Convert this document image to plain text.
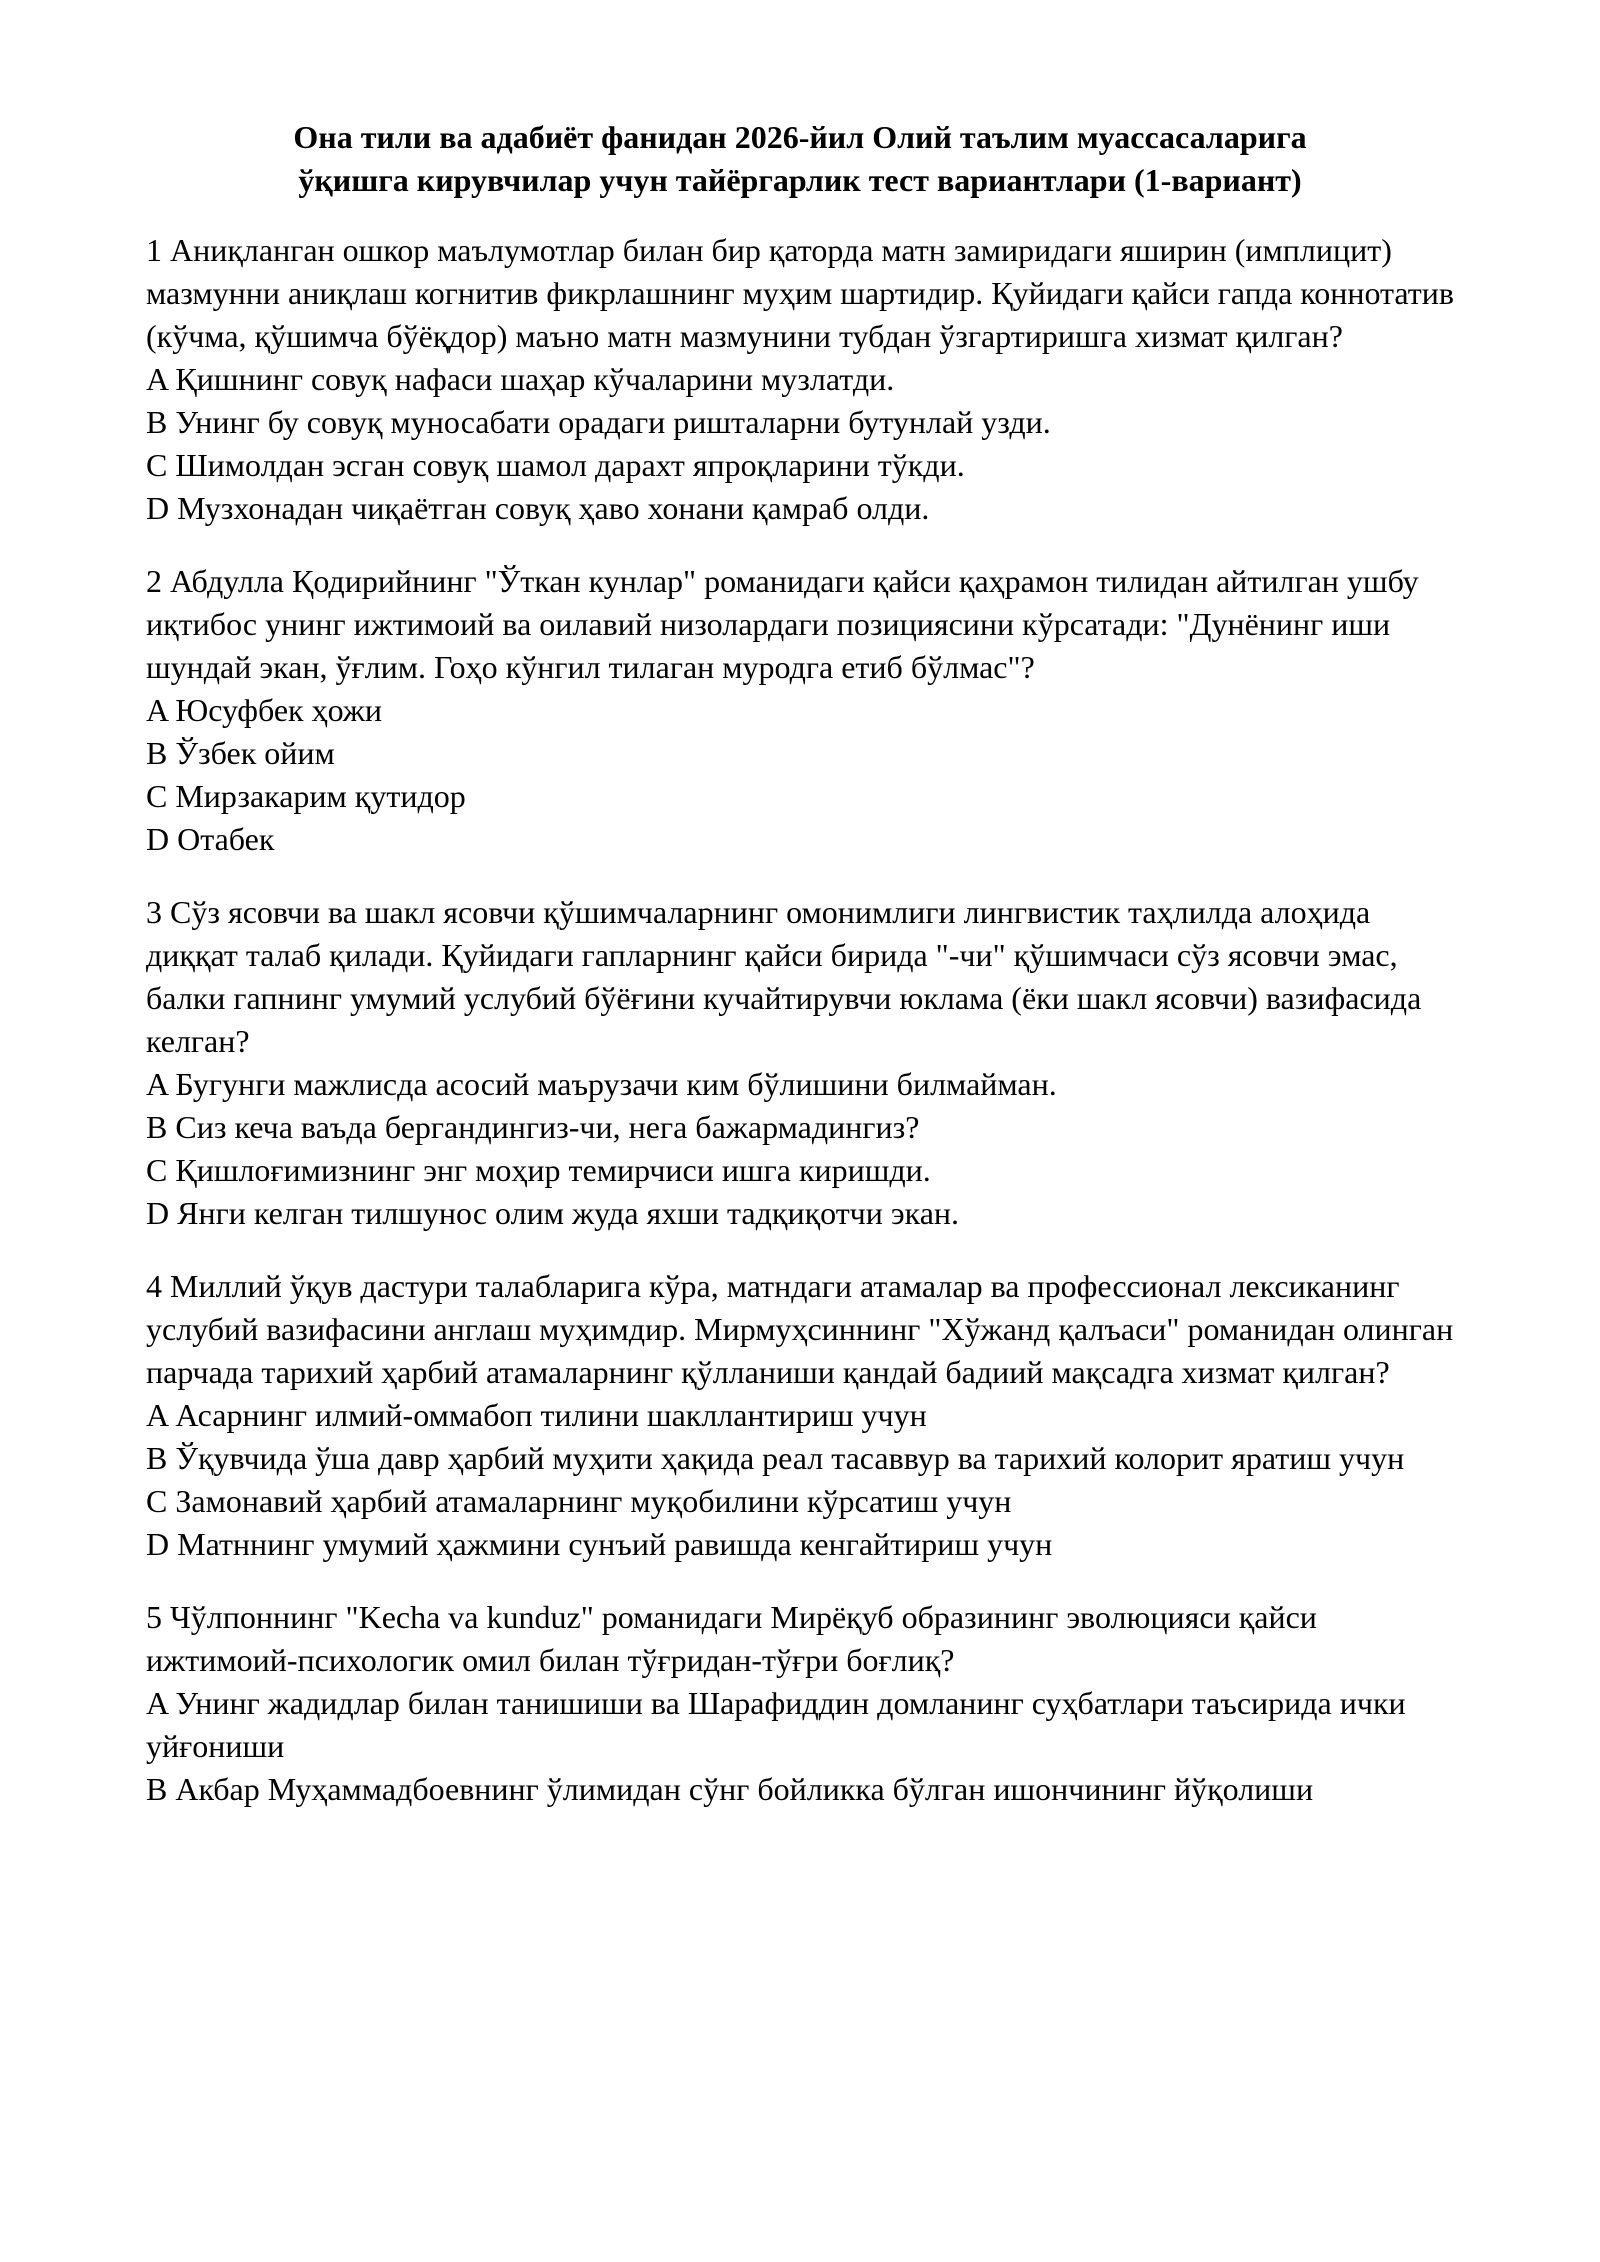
Она тили ва адабиёт фанидан 2026-йил Олий таълим муассасаларига
ўқишга кирувчилар учун тайёргарлик тест вариантлари (1-вариант)
1 Аниқланган ошкор маълумотлар билан бир қаторда матн замиридаги яширин (имплицит) мазмунни аниқлаш когнитив фикрлашнинг муҳим шартидир. Қуйидаги қайси гапда коннотатив (кўчма, қўшимча бўёқдор) маъно матн мазмунини тубдан ўзгартиришга хизмат қилган?
A Қишнинг совуқ нафаси шаҳар кўчаларини музлатди.
B Унинг бу совуқ муносабати орадаги ришталарни бутунлай узди.
C Шимолдан эсган совуқ шамол дарахт япроқларини тўкди.
D Музхонадан чиқаётган совуқ ҳаво хонани қамраб олди.
2 Абдулла Қодирийнинг "Ўткан кунлар" романидаги қайси қаҳрамон тилидан айтилган ушбу иқтибос унинг ижтимоий ва оилавий низолардаги позициясини кўрсатади: "Дунёнинг иши шундай экан, ўғлим. Гоҳо кўнгил тилаган муродга етиб бўлмас"?
A Юсуфбек ҳожи
B Ўзбек ойим
C Мирзакарим қутидор
D Отабек
3 Сўз ясовчи ва шакл ясовчи қўшимчаларнинг омонимлиги лингвистик таҳлилда алоҳида диққат талаб қилади. Қуйидаги гапларнинг қайси бирида "-чи" қўшимчаси сўз ясовчи эмас, балки гапнинг умумий услубий бўёғини кучайтирувчи юклама (ёки шакл ясовчи) вазифасида келган?
A Бугунги мажлисда асосий маърузачи ким бўлишини билмайман.
B Сиз кеча ваъда бергандингиз-чи, нега бажармадингиз?
C Қишлоғимизнинг энг моҳир темирчиси ишга киришди.
D Янги келган тилшунос олим жуда яхши тадқиқотчи экан.
4 Миллий ўқув дастури талабларига кўра, матндаги атамалар ва профессионал лексиканинг услубий вазифасини англаш муҳимдир. Мирмуҳсиннинг "Хўжанд қалъаси" романидан олинган парчада тарихий ҳарбий атамаларнинг қўлланиши қандай бадиий мақсадга хизмат қилган?
A Асарнинг илмий-оммабоп тилини шакллантириш учун
B Ўқувчида ўша давр ҳарбий муҳити ҳақида реал тасаввур ва тарихий колорит яратиш учун
C Замонавий ҳарбий атамаларнинг муқобилини кўрсатиш учун
D Матннинг умумий ҳажмини сунъий равишда кенгайтириш учун
5 Чўлпоннинг "Kecha va kunduz" романидаги Мирёқуб образининг эволюцияси қайси ижтимоий-психологик омил билан тўғридан-тўғри боғлиқ?
A Унинг жадидлар билан танишиши ва Шарафиддин домланинг суҳбатлари таъсирида ички уйғониши
B Акбар Муҳаммадбоевнинг ўлимидан сўнг бойликка бўлган ишончининг йўқолиши
